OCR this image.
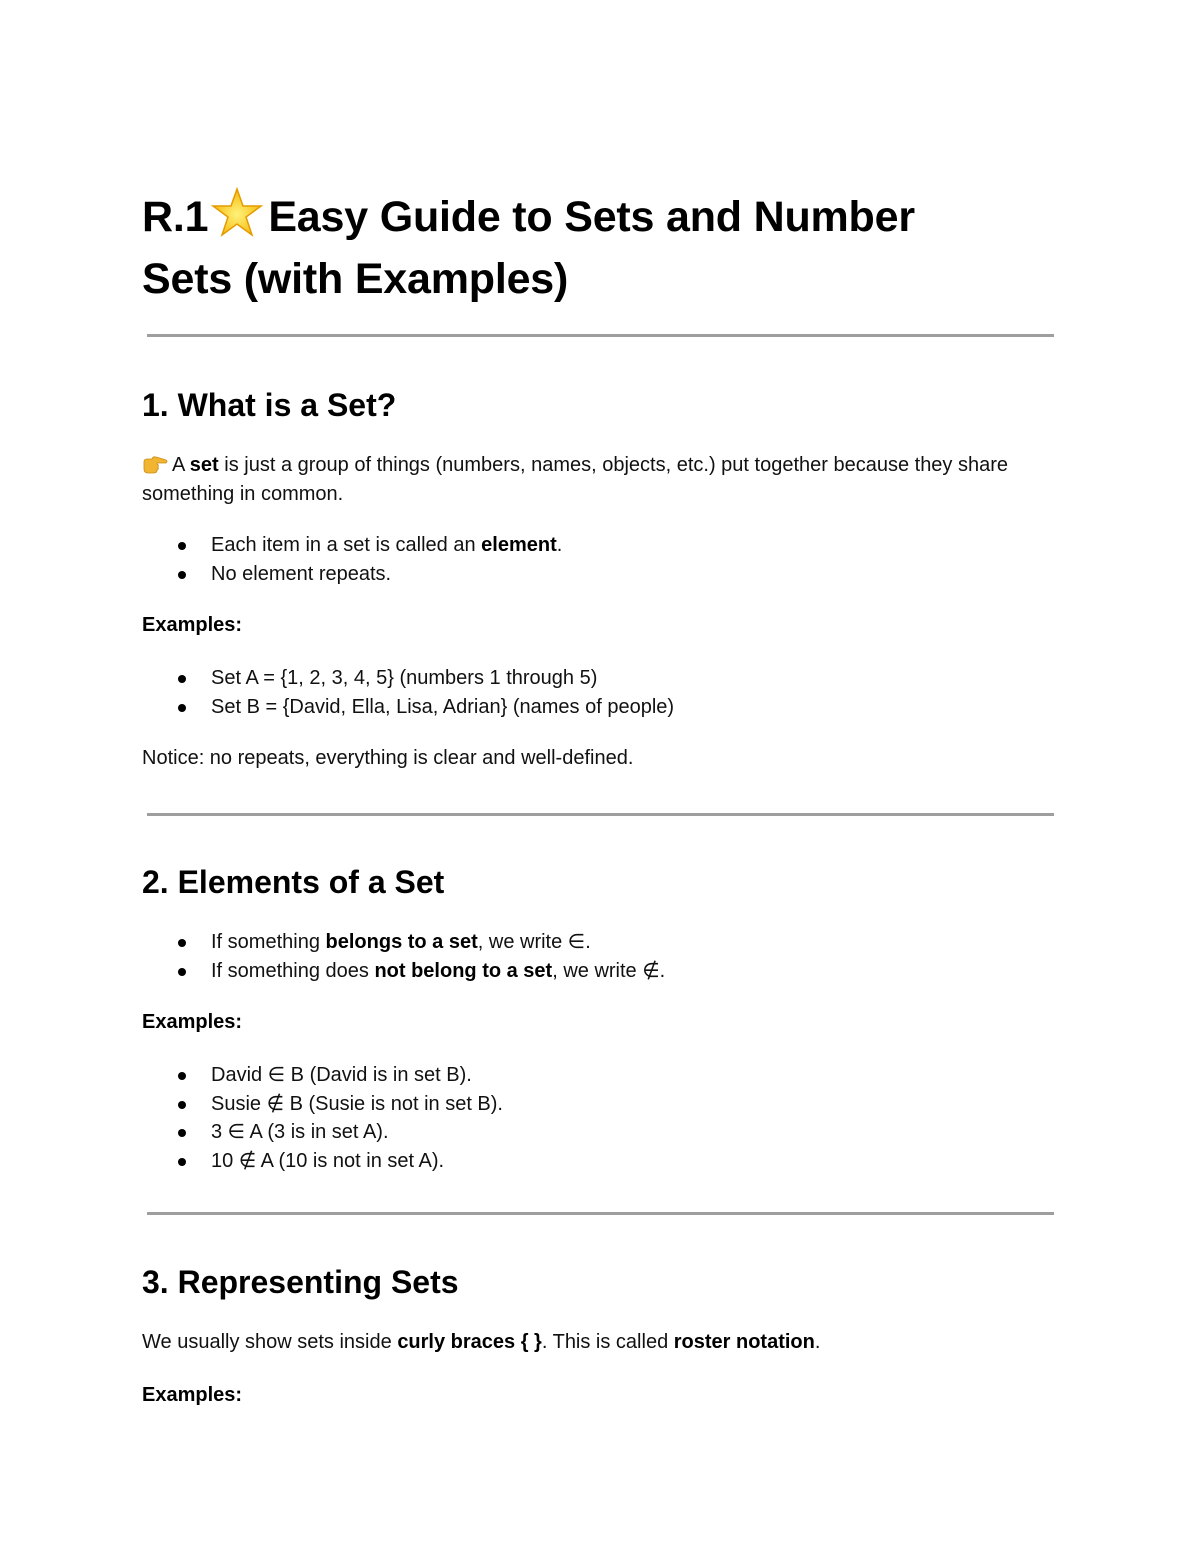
R.1 Easy Guide to Sets and Number
Sets (with Examples)
1. What is a Set?

A set is just a group of things (numbers, names, objects, etc.) put together because they share something in common.

Each item in a set is called an element.
No element repeats.

Examples:

Set A = {1, 2, 3, 4, 5} (numbers 1 through 5)
Set B = {David, Ella, Lisa, Adrian} (names of people)

Notice: no repeats, everything is clear and well-defined.

2. Elements of a Set
If something belongs to a set, we write ∈.
If something does not belong to a set, we write ∉.

Examples:

David ∈ B (David is in set B).
Susie ∉ B (Susie is not in set B).
3 ∈ A (3 is in set A).
10 ∉ A (10 is not in set A).
3. Representing Sets

We usually show sets inside curly braces { }. This is called roster notation.

Examples:
